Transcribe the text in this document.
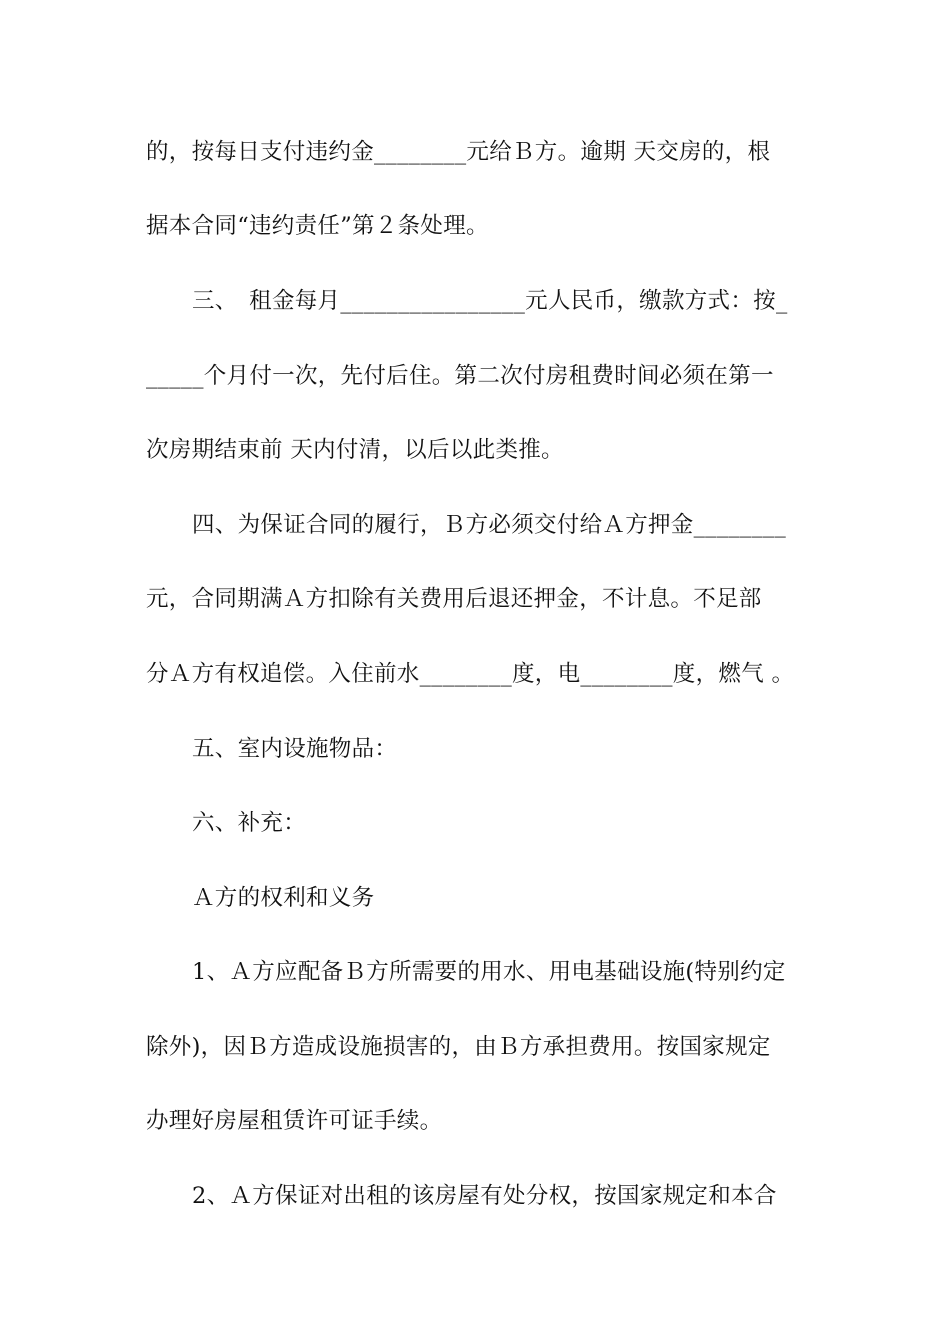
的，按每日支付违约金________元给Ｂ方。逾期 天交房的，根
据本合同“违约责任”第２条处理。
三、　租金每月________________元人民币，缴款方式：按_
_____个月付一次，先付后住。第二次付房租费时间必须在第一
次房期结束前 天内付清，以后以此类推。
四、为保证合同的履行，Ｂ方必须交付给Ａ方押金________
元，合同期满Ａ方扣除有关费用后退还押金，不计息。不足部
分Ａ方有权追偿。入住前水________度，电________度，燃气 。
五、室内设施物品：
六、补充：
Ａ方的权利和义务
1、Ａ方应配备Ｂ方所需要的用水、用电基础设施(特别约定
除外)，因Ｂ方造成设施损害的，由Ｂ方承担费用。按国家规定
办理好房屋租赁许可证手续。
2、Ａ方保证对出租的该房屋有处分权，按国家规定和本合
